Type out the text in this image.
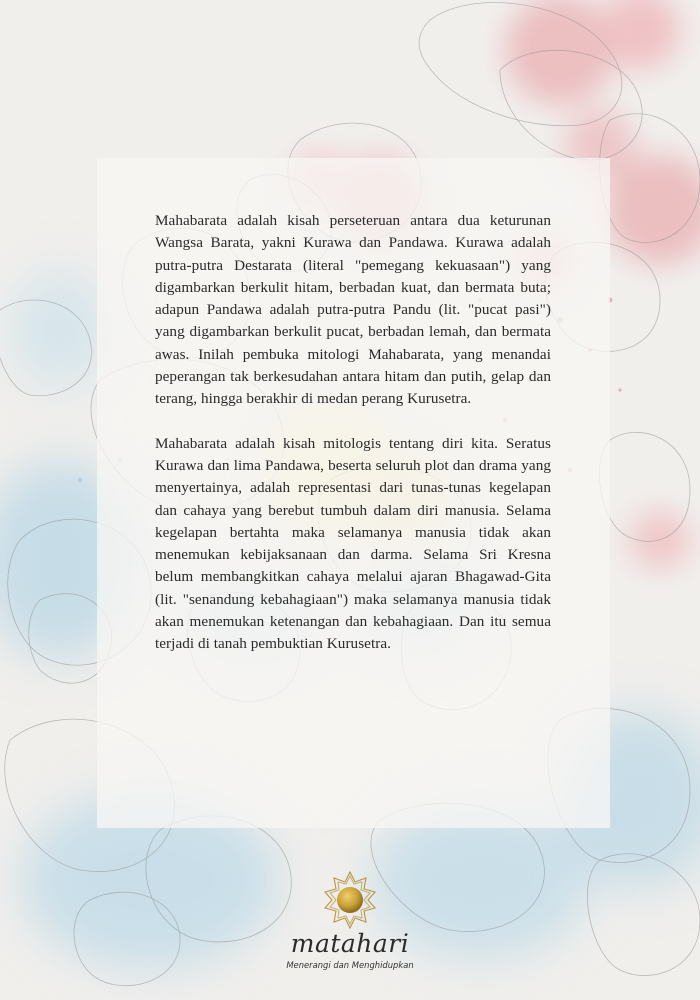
Mahabarata adalah kisah perseteruan antara dua keturunan Wangsa Barata, yakni Kurawa dan Pandawa. Kurawa adalah putra-putra Destarata (literal "pemegang kekuasaan") yang digambarkan berkulit hitam, berbadan kuat, dan bermata buta; adapun Pandawa adalah putra-putra Pandu (lit. "pucat pasi") yang digambarkan berkulit pucat, berbadan lemah, dan bermata awas. Inilah pembuka mitologi Mahabarata, yang menandai peperangan tak berkesudahan antara hitam dan putih, gelap dan terang, hingga berakhir di medan perang Kurusetra.

Mahabarata adalah kisah mitologis tentang diri kita. Seratus Kurawa dan lima Pandawa, beserta seluruh plot dan drama yang menyertainya, adalah representasi dari tunas-tunas kegelapan dan cahaya yang berebut tumbuh dalam diri manusia. Selama kegelapan bertahta maka selamanya manusia tidak akan menemukan kebijaksanaan dan darma. Selama Sri Kresna belum membangkitkan cahaya melalui ajaran Bhagawad-Gita (lit. "senandung kebahagiaan") maka selamanya manusia tidak akan menemukan ketenangan dan kebahagiaan. Dan itu semua terjadi di tanah pembuktian Kurusetra.

matahari
Menerangi dan Menghidupkan
